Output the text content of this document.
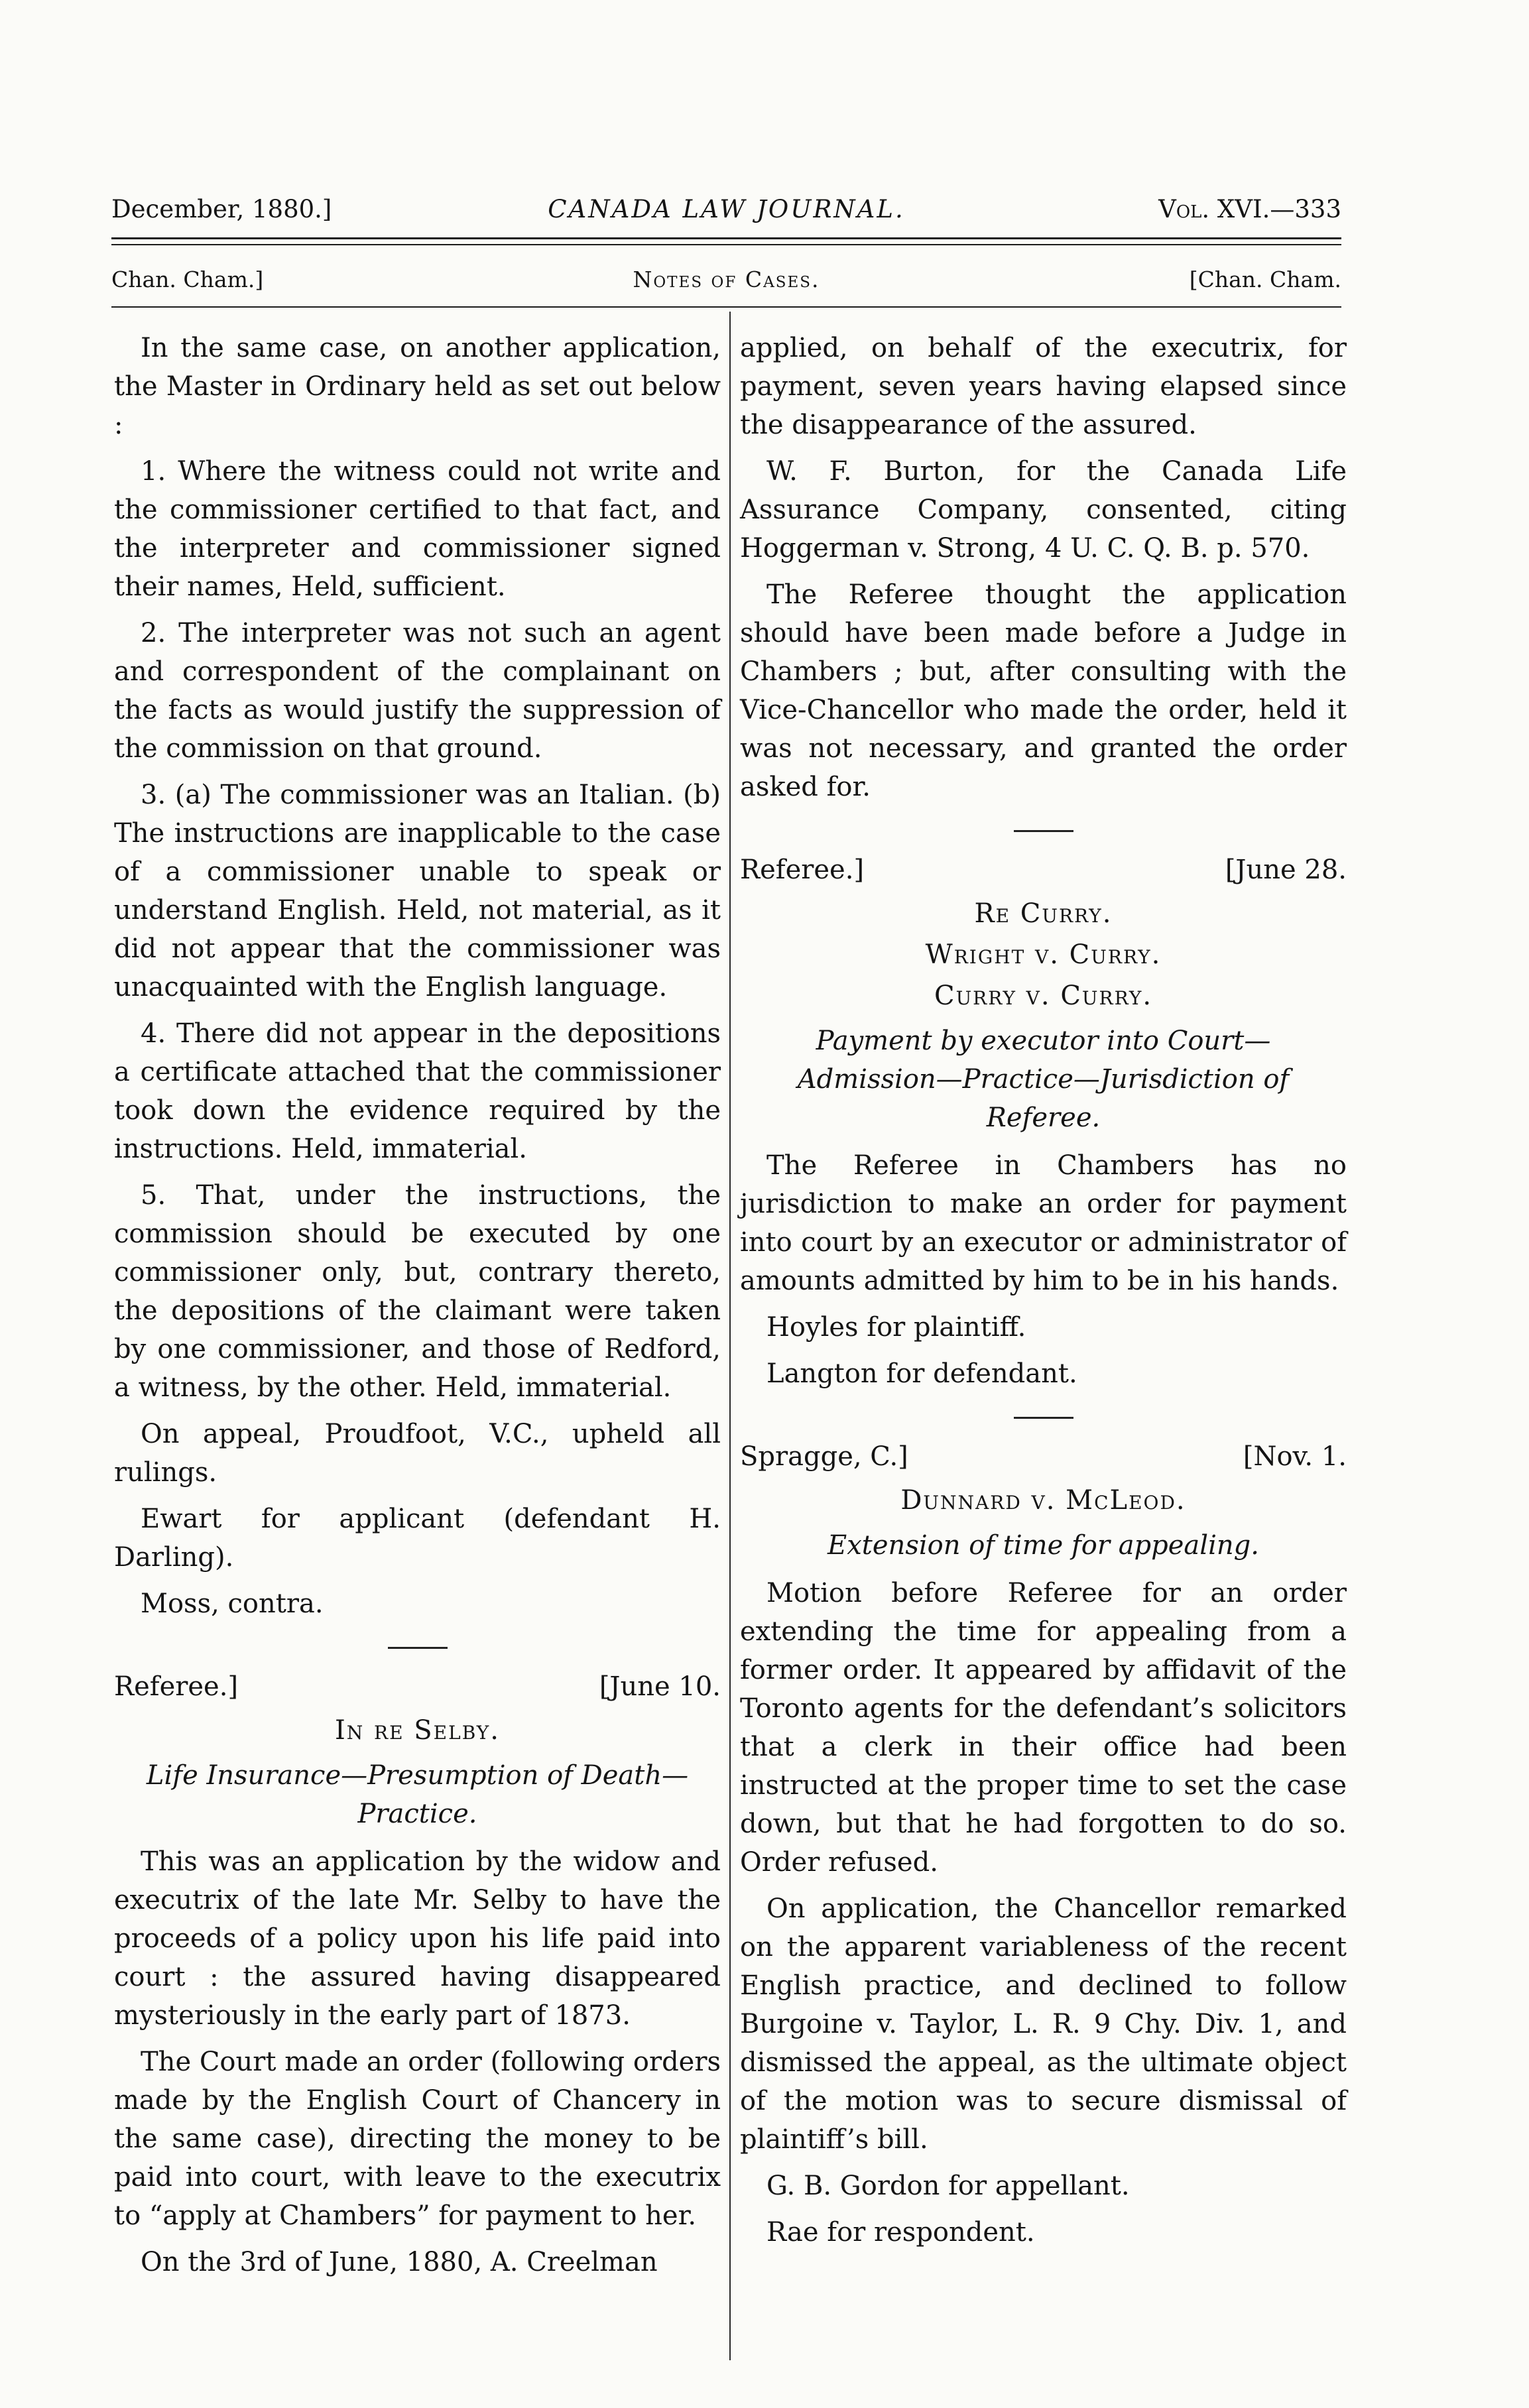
December, 1880.]	CANADA LAW JOURNAL.	Vol. XVI.—333
Chan. Cham.]	Notes of Cases.	[Chan. Cham.

In the same case, on another application, the Master in Ordinary held as set out below :

1. Where the witness could not write and the commissioner certified to that fact, and the interpreter and commissioner signed their names, Held, sufficient.

2. The interpreter was not such an agent and correspondent of the complainant on the facts as would justify the suppression of the commission on that ground.

3. (a) The commissioner was an Italian. (b) The instructions are inapplicable to the case of a commissioner unable to speak or understand English. Held, not material, as it did not appear that the commissioner was unacquainted with the English language.

4. There did not appear in the depositions a certificate attached that the commissioner took down the evidence required by the instructions. Held, immaterial.

5. That, under the instructions, the commission should be executed by one commissioner only, but, contrary thereto, the depositions of the claimant were taken by one commissioner, and those of Redford, a witness, by the other. Held, immaterial.

On appeal, Proudfoot, V.C., upheld all rulings.

Ewart for applicant (defendant H. Darling).

Moss, contra.

Referee.]	[June 10.
In re Selby.
Life Insurance—Presumption of Death—Practice.

This was an application by the widow and executrix of the late Mr. Selby to have the proceeds of a policy upon his life paid into court : the assured having disappeared mysteriously in the early part of 1873.

The Court made an order (following orders made by the English Court of Chancery in the same case), directing the money to be paid into court, with leave to the executrix to “apply at Chambers” for payment to her.

On the 3rd of June, 1880, A. Creelman

applied, on behalf of the executrix, for payment, seven years having elapsed since the disappearance of the assured.

W. F. Burton, for the Canada Life Assurance Company, consented, citing Hoggerman v. Strong, 4 U. C. Q. B. p. 570.

The Referee thought the application should have been made before a Judge in Chambers ; but, after consulting with the Vice-Chancellor who made the order, held it was not necessary, and granted the order asked for.

Referee.]	[June 28.
Re Curry.
Wright v. Curry.
Curry v. Curry.
Payment by executor into Court—Admission—Practice—Jurisdiction of Referee.

The Referee in Chambers has no jurisdiction to make an order for payment into court by an executor or administrator of amounts admitted by him to be in his hands.

Hoyles for plaintiff.

Langton for defendant.

Spragge, C.]	[Nov. 1.
Dunnard v. McLeod.
Extension of time for appealing.

Motion before Referee for an order extending the time for appealing from a former order. It appeared by affidavit of the Toronto agents for the defendant’s solicitors that a clerk in their office had been instructed at the proper time to set the case down, but that he had forgotten to do so. Order refused.

On application, the Chancellor remarked on the apparent variableness of the recent English practice, and declined to follow Burgoine v. Taylor, L. R. 9 Chy. Div. 1, and dismissed the appeal, as the ultimate object of the motion was to secure dismissal of plaintiff’s bill.

G. B. Gordon for appellant.

Rae for respondent.
